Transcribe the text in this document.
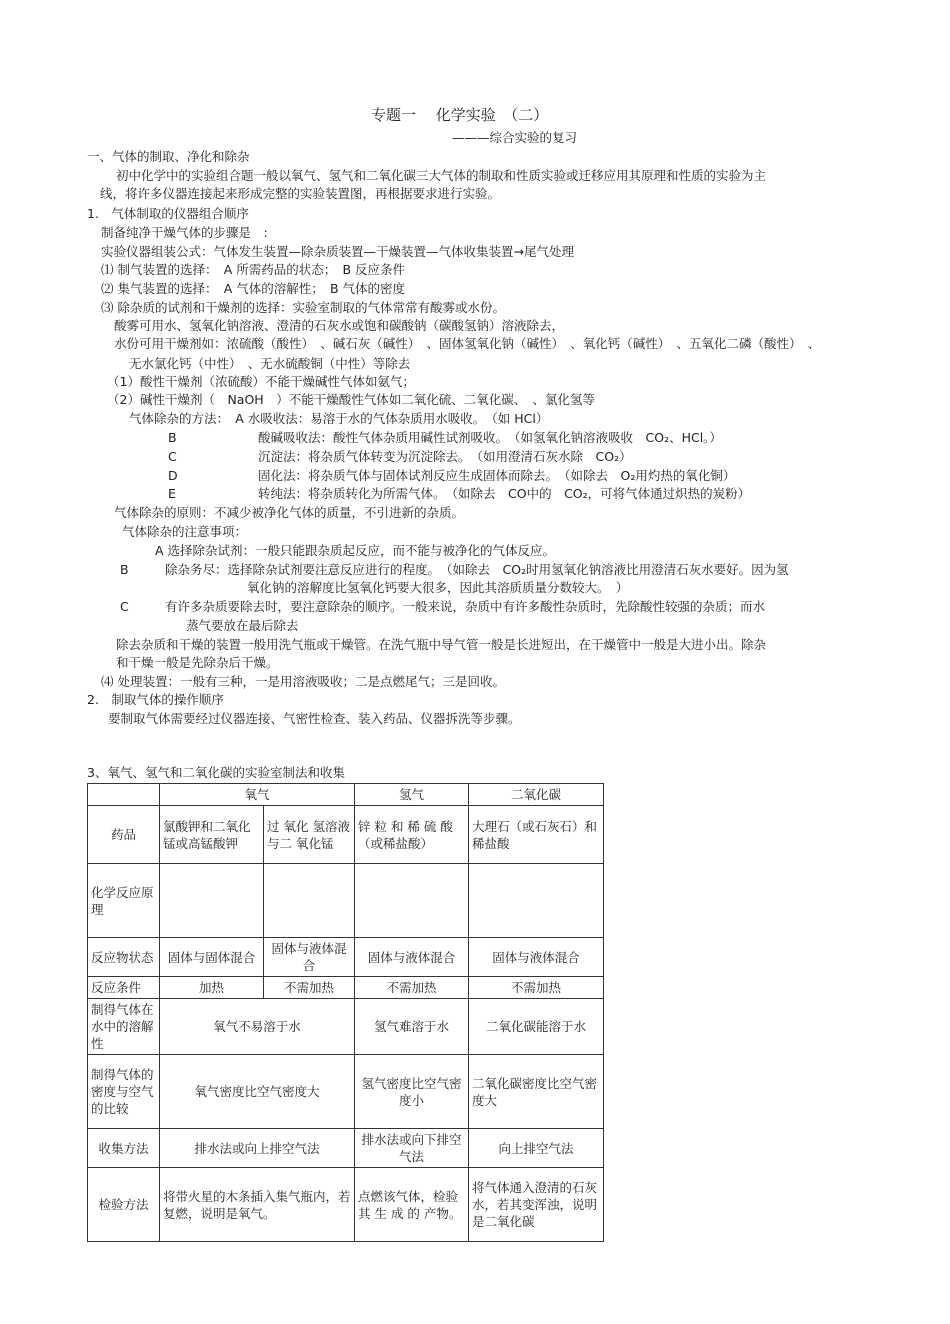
专题一　 化学实验　（二）
———综合实验的复习
一、气体的制取、净化和除杂
初中化学中的实验组合题一般以氧气、氢气和二氧化碳三大气体的制取和性质实验或迁移应用其原理和性质的实验为主
线，将许多仪器连接起来形成完整的实验装置图，再根据要求进行实验。
1.　气体制取的仪器组合顺序
制备纯净干燥气体的步骤是　:
实验仪器组装公式：气体发生装置—除杂质装置—干燥装置—气体收集装置→尾气处理
⑴ 制气装置的选择：　A 所需药品的状态；　B 反应条件
⑵ 集气装置的选择：　A 气体的溶解性；　B 气体的密度
⑶ 除杂质的试剂和干燥剂的选择：实验室制取的气体常常有酸雾或水份。
酸雾可用水、氢氧化钠溶液、澄清的石灰水或饱和碳酸钠（碳酸氢钠）溶液除去，
水份可用干燥剂如：浓硫酸（酸性）　、碱石灰（碱性）　、固体氢氧化钠（碱性）　、氧化钙（碱性）　、五氧化二磷（酸性）　、
无水氯化钙（中性）　、无水硫酸铜（中性）等除去
（1）酸性干燥剂（浓硫酸）不能干燥碱性气体如氨气；
（2）碱性干燥剂（　NaOH　）不能干燥酸性气体如二氧化硫、二氧化碳、　、氯化氢等
气体除杂的方法：　A 水吸收法：易溶于水的气体杂质用水吸收。　（如 HCl）
B	酸碱吸收法：酸性气体杂质用碱性试剂吸收。　（如氢氧化钠溶液吸收　CO₂、HCl。）
C	沉淀法：将杂质气体转变为沉淀除去。　（如用澄清石灰水除　CO₂）
D	固化法：将杂质气体与固体试剂反应生成固体而除去。　（如除去　O₂用灼热的氧化铜）
E	转纯法：将杂质转化为所需气体。　（如除去　CO中的　CO₂，可将气体通过炽热的炭粉）
气体除杂的原则：不减少被净化气体的质量，不引进新的杂质。
气体除杂的注意事项：
A 选择除杂试剂：一般只能跟杂质起反应，而不能与被净化的气体反应。
B	除杂务尽：选择除杂试剂要注意反应进行的程度。　（如除去　CO₂时用氢氧化钠溶液比用澄清石灰水要好。因为氢
氧化钠的溶解度比氢氧化钙要大很多，因此其溶质质量分数较大。　）
C	有许多杂质要除去时，要注意除杂的顺序。一般来说，杂质中有许多酸性杂质时，先除酸性较强的杂质；而水
蒸气要放在最后除去
除去杂质和干燥的装置一般用洗气瓶或干燥管。在洗气瓶中导气管一般是长进短出，在干燥管中一般是大进小出。除杂
和干燥一般是先除杂后干燥。
⑷ 处理装置：一般有三种，一是用溶液吸收；二是点燃尾气；三是回收。
2.　制取气体的操作顺序
要制取气体需要经过仪器连接、气密性检查、装入药品、仪器拆洗等步骤。
3、氧气、氢气和二氧化碳的实验室制法和收集
	氧气		氢气	二氧化碳
药品	氯酸钾和二氧化锰或高锰酸钾	过 氧化 氢溶液 与二 氧化锰	锌 粒 和 稀 硫 酸（或稀盐酸）	大理石（或石灰石）和稀盐酸
化学反应原理				
反应物状态	固体与固体混合	固体与液体混合	固体与液体混合	固体与液体混合
反应条件	加热	不需加热	不需加热	不需加热
制得气体在水中的溶解性	氧气不易溶于水		氢气难溶于水	二氧化碳能溶于水
制得气体的密度与空气的比较	氧气密度比空气密度大		氢气密度比空气密度小	二氧化碳密度比空气密度大
收集方法	排水法或向上排空气法		排水法或向下排空气法	向上排空气法
检验方法	将带火星的木条插入集气瓶内，若复燃，说明是氧气。		点燃该气体，检验 其 生 成 的 产物。	将气体通入澄清的石灰水，若其变浑浊，说明是二氧化碳
